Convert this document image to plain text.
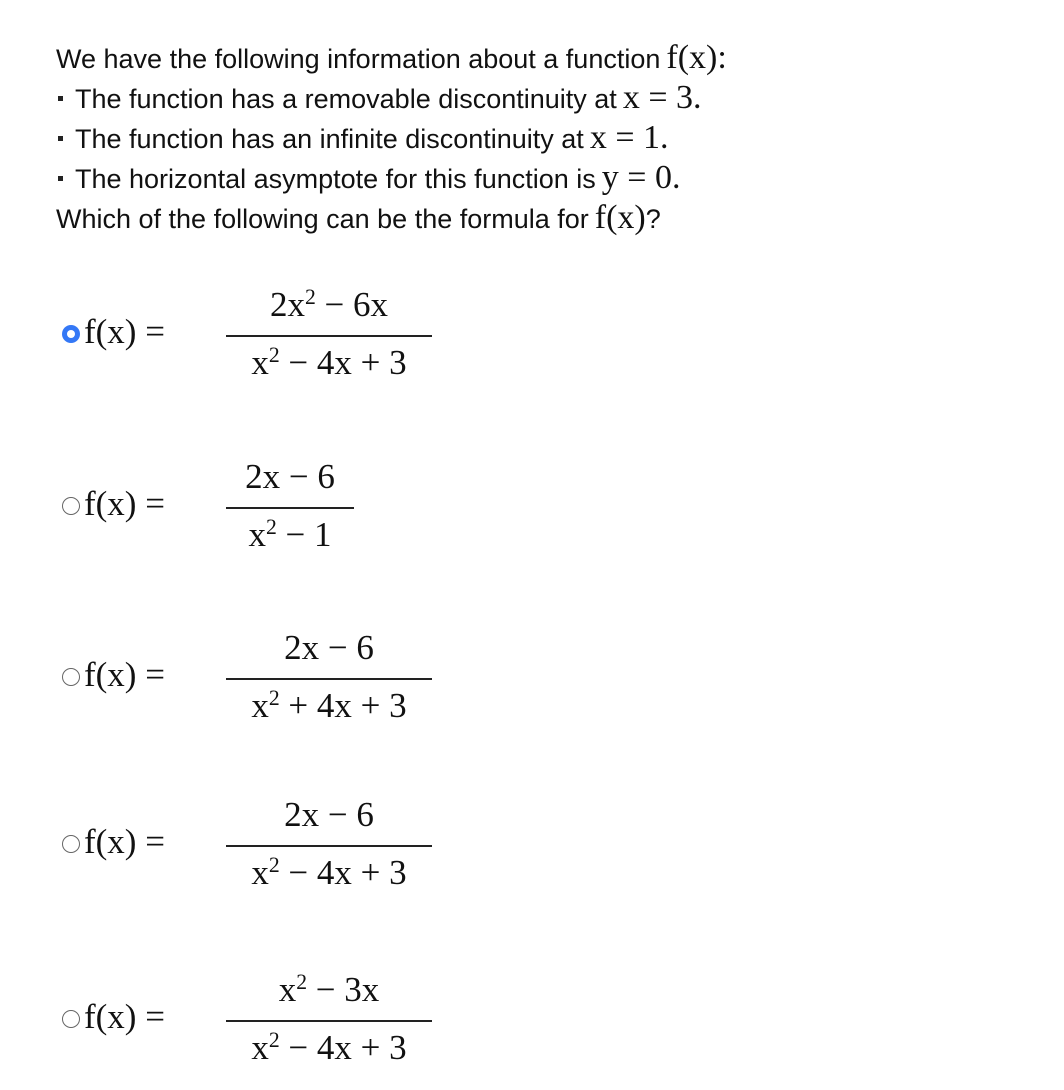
We have the following information about a function f(x):
The function has a removable discontinuity at x = 3.
The function has an infinite discontinuity at x = 1.
The horizontal asymptote for this function is y = 0.
Which of the following can be the formula for f(x)?
f(x) =
$2x^2 - 6x$
$x^2 - 4x + 3$
f(x) =
2x − 6
$x^2 - 1$
f(x) =
2x − 6
$x^2 + 4x + 3$
f(x) =
2x − 6
$x^2 - 4x + 3$
f(x) =
$x^2 - 3x$
$x^2 - 4x + 3$
